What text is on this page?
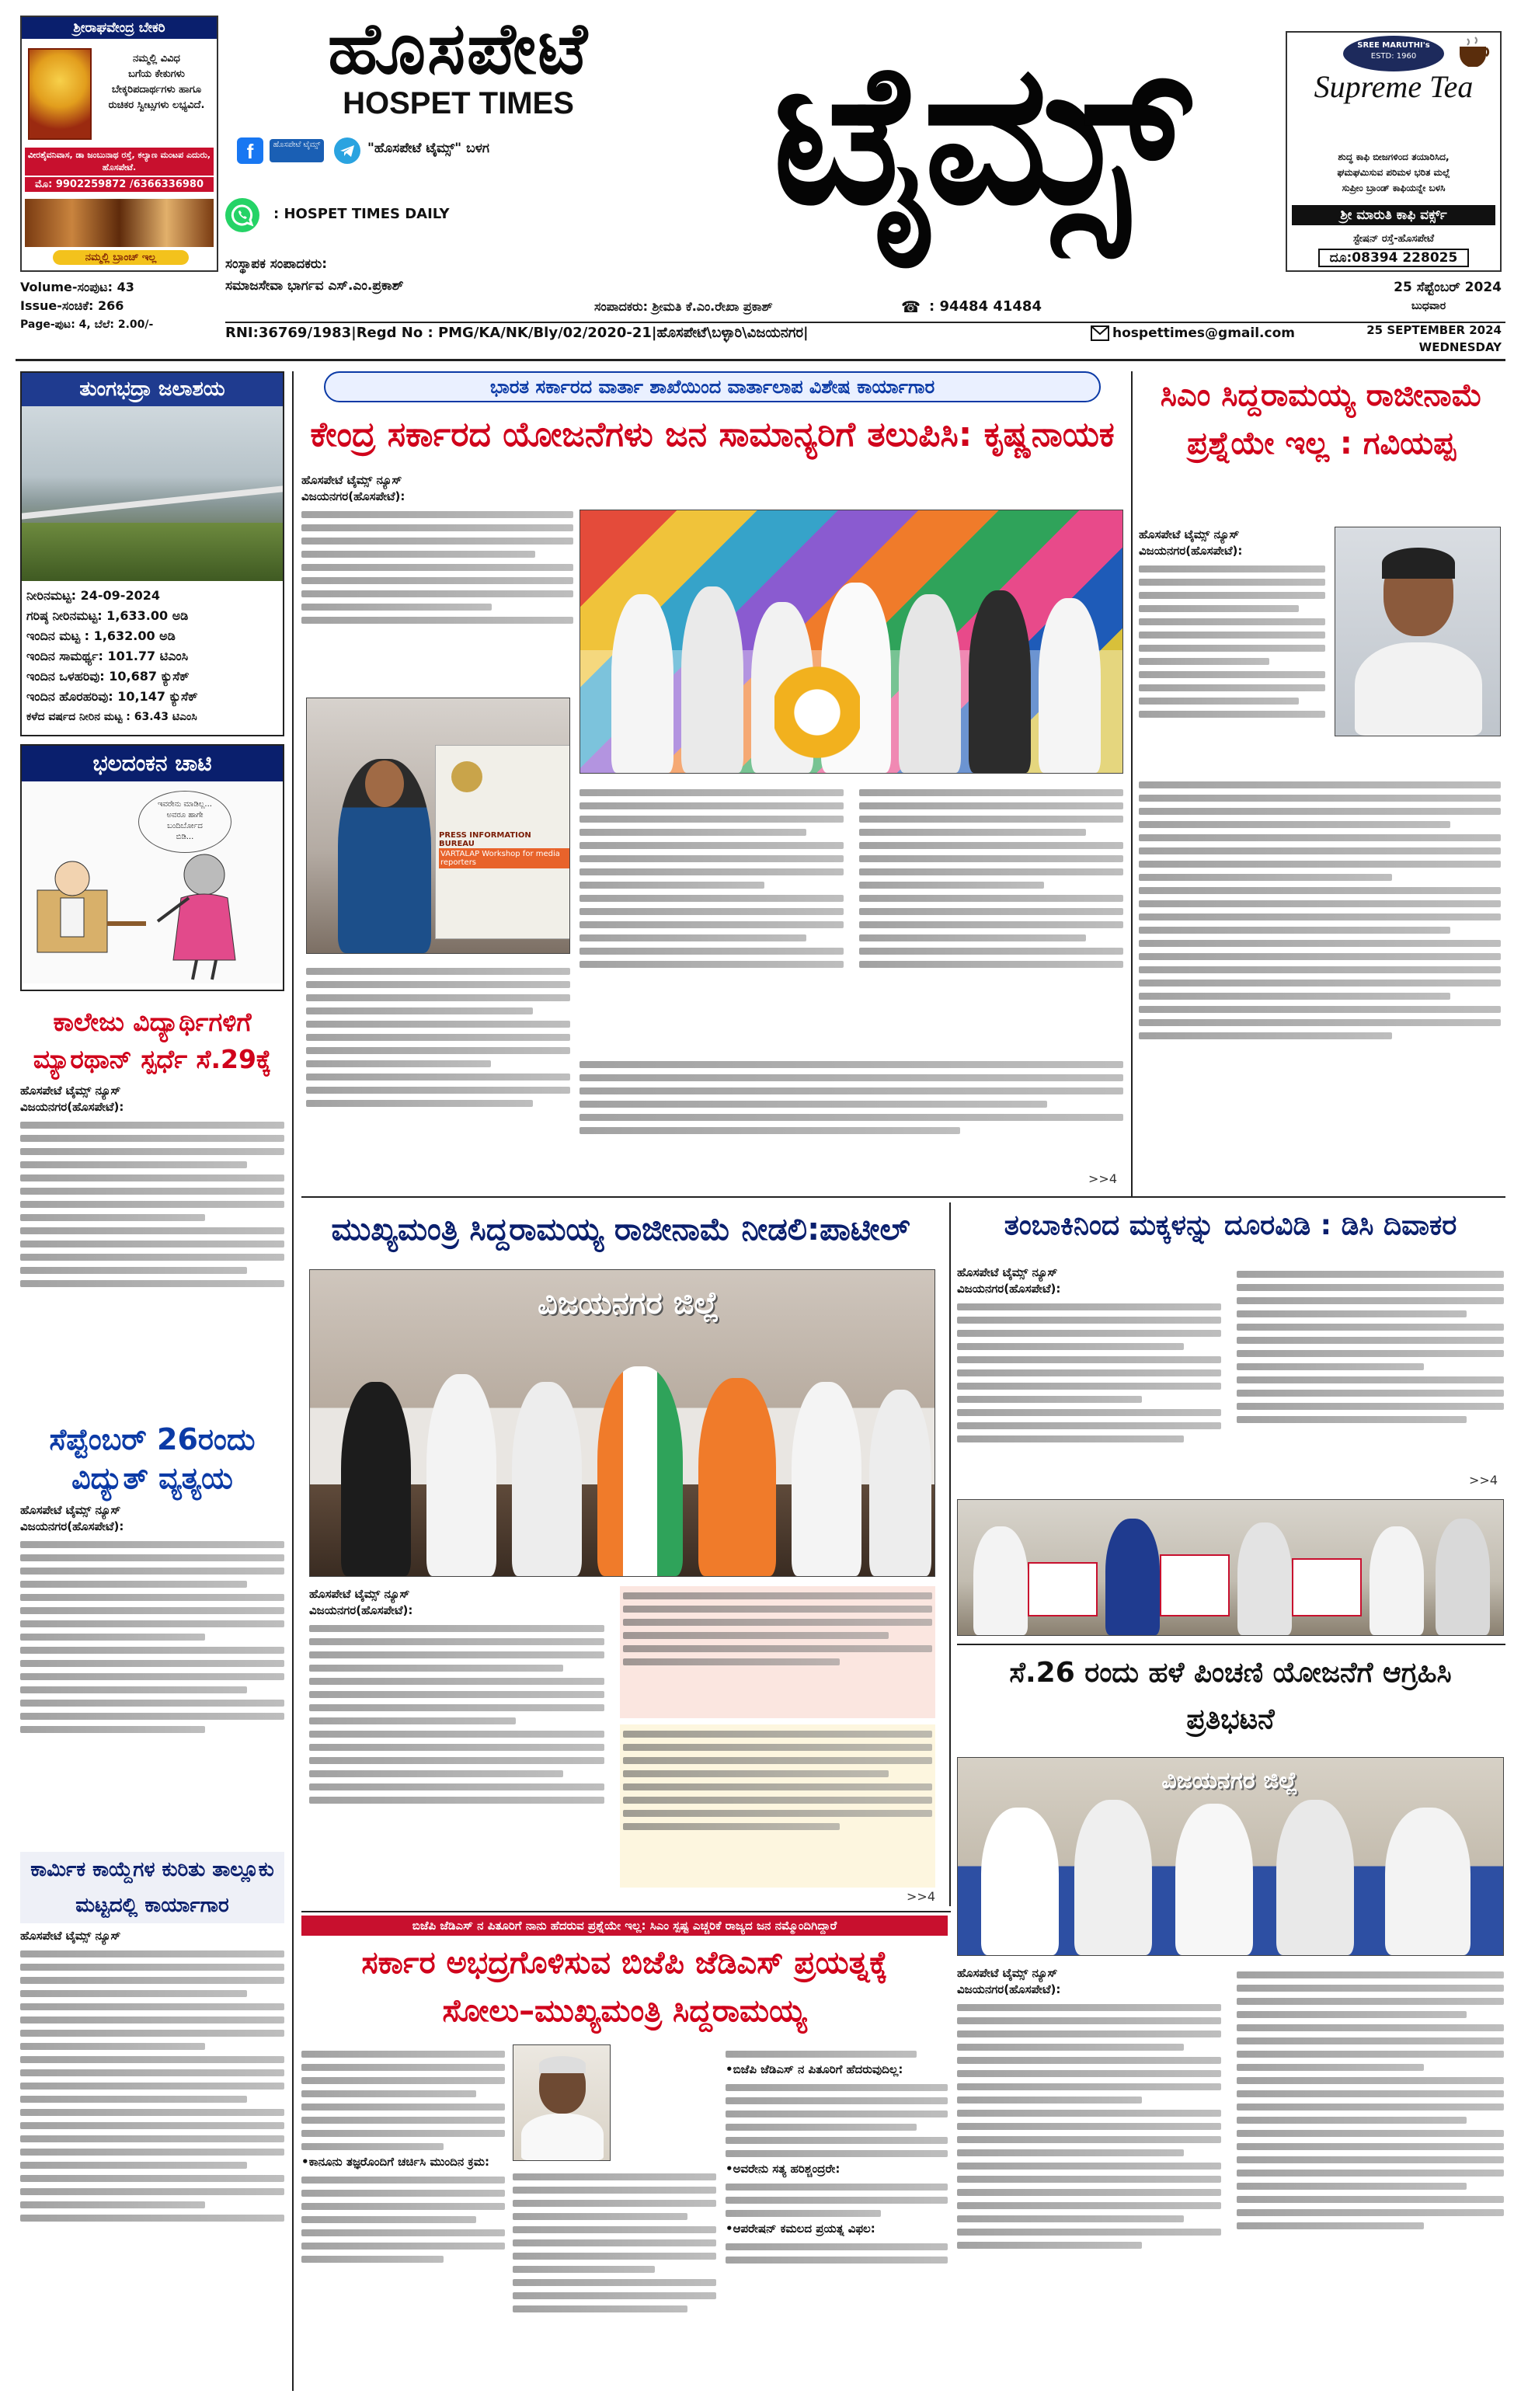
ಶ್ರೀರಾಘವೇಂದ್ರ ಬೇಕರಿ
ನಮ್ಮಲ್ಲಿ ವಿವಿಧ
ಬಗೆಯ ಕೇಕುಗಳು
ಬೇಕ್ಕರಿಪದಾರ್ಥಗಳು ಹಾಗೂ
ರುಚಿಕರ ಸ್ವೀಟ್ಸಗಳು ಲಭ್ಯವಿದೆ.
ವೀರಶೈವನಿವಾಸ, ಡಾ ಜಂಬುನಾಥ ರಸ್ತೆ, ಕಲ್ಯಾಣ ಮಂಟಪ ಎದುರು, ಹೊಸಪೇಟೆ.
ಮೊ: 9902259872 /6366336980
ನಮ್ಮಲ್ಲಿ ಬ್ರಾಂಚ್ ಇಲ್ಲ
ಹೊಸಪೇಟೆ
HOSPET TIMES
f	ಹೊಸಪೇಟೆ ಟೈಮ್ಸ್	"ಹೊಸಪೇಟೆ ಟೈಮ್ಸ್" ಬಳಗ
: HOSPET TIMES DAILY
ಸಂಸ್ಥಾಪಕ ಸಂಪಾದಕರು:
ಸಮಾಜಸೇವಾ ಭಾರ್ಗವ ಎಸ್.ಎಂ.ಪ್ರಕಾಶ್
ಟೈಮ್ಸ್	SREE MARUTHI's
ESTD: 1960
Supreme Tea
ಶುದ್ಧ ಕಾಫಿ ಬೀಜಗಳಿಂದ ತಯಾರಿಸಿದ,
ಘಮಘಮಿಸುವ ಪರಿಮಳ ಭರಿತ ಮಲ್ಲೆ
ಸುಪ್ರೀಂ ಬ್ರಾಂಡ್ ಕಾಫಿಯನ್ನೇ ಬಳಸಿ
ಶ್ರೀ ಮಾರುತಿ ಕಾಫಿ ವರ್ಕ್ಸ್
ಸ್ಟೇಷನ್ ರಸ್ತೆ-ಹೊಸಪೇಟೆ
ದೂ:08394 228025
Volume-ಸಂಪುಟ: 43
Issue-ಸಂಚಿಕೆ: 266
Page-ಪುಟ: 4, ಬೆಲೆ: 2.00/-
ಸಂಪಾದಕರು: ಶ್ರೀಮತಿ ಕೆ.ಎಂ.ರೇಖಾ ಪ್ರಕಾಶ್	☎ : 94484 41484
25 ಸೆಪ್ಟೆಂಬರ್ 2024
ಬುಧವಾರ
RNI:36769/1983|Regd No : PMG/KA/NK/Bly/02/2020-21|ಹೊಸಪೇಟೆ\ಬಳ್ಳಾರಿ\ವಿಜಯನಗರ|	hospettimes@gmail.com	25 SEPTEMBER 2024
WEDNESDAY
ತುಂಗಭದ್ರಾ ಜಲಾಶಯ
ನೀರಿನಮಟ್ಟ: 24-09-2024
ಗರಿಷ್ಠ ನೀರಿನಮಟ್ಟ: 1,633.00 ಅಡಿ
ಇಂದಿನ ಮಟ್ಟ : 1,632.00 ಅಡಿ
ಇಂದಿನ ಸಾಮರ್ಥ್ಯ: 101.77 ಟಿಎಂಸಿ
ಇಂದಿನ ಒಳಹರಿವು: 10,687 ಕ್ಯುಸೆಕ್
ಇಂದಿನ ಹೊರಹರಿವು: 10,147 ಕ್ಯುಸೆಕ್
ಕಳೆದ ವರ್ಷದ ನೀರಿನ ಮಟ್ಟ : 63.43 ಟಿಎಂಸಿ
ಭಲದಂಕನ ಚಾಟಿ
ಇವರೇನು ಮಾಡಿಲ್ಲ...
ಅವರೂ ಹಾಗೇ
ಬಂದಿರ್ಬೋದ
ಬಿಡಿ...
ಕಾಲೇಜು ವಿದ್ಯಾರ್ಥಿಗಳಿಗೆ ಮ್ಯಾರಥಾನ್ ಸ್ಪರ್ಧೆ ಸೆ.29ಕ್ಕೆ
ಹೊಸಪೇಟೆ ಟೈಮ್ಸ್ ನ್ಯೂಸ್
ವಿಜಯನಗರ(ಹೊಸಪೇಟೆ):
ಸೆಪ್ಟೆಂಬರ್ 26ರಂದು ವಿದ್ಯುತ್ ವ್ಯತ್ಯಯ
ಹೊಸಪೇಟೆ ಟೈಮ್ಸ್ ನ್ಯೂಸ್
ವಿಜಯನಗರ(ಹೊಸಪೇಟೆ):
ಕಾರ್ಮಿಕ ಕಾಯ್ದೆಗಳ ಕುರಿತು ತಾಲ್ಲೂಕು ಮಟ್ಟದಲ್ಲಿ ಕಾರ್ಯಾಗಾರ
ಹೊಸಪೇಟೆ ಟೈಮ್ಸ್ ನ್ಯೂಸ್
ಭಾರತ ಸರ್ಕಾರದ ವಾರ್ತಾ ಶಾಖೆಯಿಂದ ವಾರ್ತಾಲಾಪ ವಿಶೇಷ ಕಾರ್ಯಾಗಾರ
ಕೇಂದ್ರ ಸರ್ಕಾರದ ಯೋಜನೆಗಳು ಜನ ಸಾಮಾನ್ಯರಿಗೆ ತಲುಪಿಸಿ: ಕೃಷ್ಣನಾಯಕ
ಹೊಸಪೇಟೆ ಟೈಮ್ಸ್ ನ್ಯೂಸ್
ವಿಜಯನಗರ(ಹೊಸಪೇಟೆ):
PRESS INFORMATION BUREAU
VARTALAP Workshop for media reporters
>>4
ಸಿಎಂ ಸಿದ್ದರಾಮಯ್ಯ ರಾಜೀನಾಮೆ ಪ್ರಶ್ನೆಯೇ ಇಲ್ಲ : ಗವಿಯಪ್ಪ
ಹೊಸಪೇಟೆ ಟೈಮ್ಸ್ ನ್ಯೂಸ್
ವಿಜಯನಗರ(ಹೊಸಪೇಟೆ):
ಮುಖ್ಯಮಂತ್ರಿ ಸಿದ್ದರಾಮಯ್ಯ ರಾಜೀನಾಮೆ ನೀಡಲಿ:ಪಾಟೀಲ್
ವಿಜಯನಗರ ಜಿಲ್ಲೆ
ಹೊಸಪೇಟೆ ಟೈಮ್ಸ್ ನ್ಯೂಸ್
ವಿಜಯನಗರ(ಹೊಸಪೇಟೆ):
>>4
ತಂಬಾಕಿನಿಂದ ಮಕ್ಕಳನ್ನು ದೂರವಿಡಿ : ಡಿಸಿ ದಿವಾಕರ
ಹೊಸಪೇಟೆ ಟೈಮ್ಸ್ ನ್ಯೂಸ್
ವಿಜಯನಗರ(ಹೊಸಪೇಟೆ):
>>4
ಸೆ.26 ರಂದು ಹಳೆ ಪಿಂಚಣಿ ಯೋಜನೆಗೆ ಆಗ್ರಹಿಸಿ ಪ್ರತಿಭಟನೆ
ವಿಜಯನಗರ ಜಿಲ್ಲೆ
ಹೊಸಪೇಟೆ ಟೈಮ್ಸ್ ನ್ಯೂಸ್
ವಿಜಯನಗರ(ಹೊಸಪೇಟೆ):
ಬಿಜೆಪಿ ಜೆಡಿಎಸ್ ನ ಪಿತೂರಿಗೆ ನಾನು ಹೆದರುವ ಪ್ರಶ್ನೆಯೇ ಇಲ್ಲ: ಸಿಎಂ ಸ್ಪಷ್ಟ ಎಚ್ಚರಿಕೆ ರಾಜ್ಯದ ಜನ ನಮ್ಮೊಂದಿಗಿದ್ದಾರೆ
ಸರ್ಕಾರ ಅಭದ್ರಗೊಳಿಸುವ ಬಿಜೆಪಿ ಜೆಡಿಎಸ್ ಪ್ರಯತ್ನಕ್ಕೆ
ಸೋಲು–ಮುಖ್ಯಮಂತ್ರಿ ಸಿದ್ದರಾಮಯ್ಯ
•ಕಾನೂನು ತಜ್ಞರೊಂದಿಗೆ ಚರ್ಚಿಸಿ ಮುಂದಿನ ಕ್ರಮ:
•ಬಿಜೆಪಿ ಜೆಡಿಎಸ್ ನ ಪಿತೂರಿಗೆ ಹೆದರುವುದಿಲ್ಲ:
•ಅವರೇನು ಸತ್ಯ ಹರಿಶ್ಚಂದ್ರರೇ:
•ಆಪರೇಷನ್ ಕಮಲದ ಪ್ರಯತ್ನ ವಿಫಲ:
